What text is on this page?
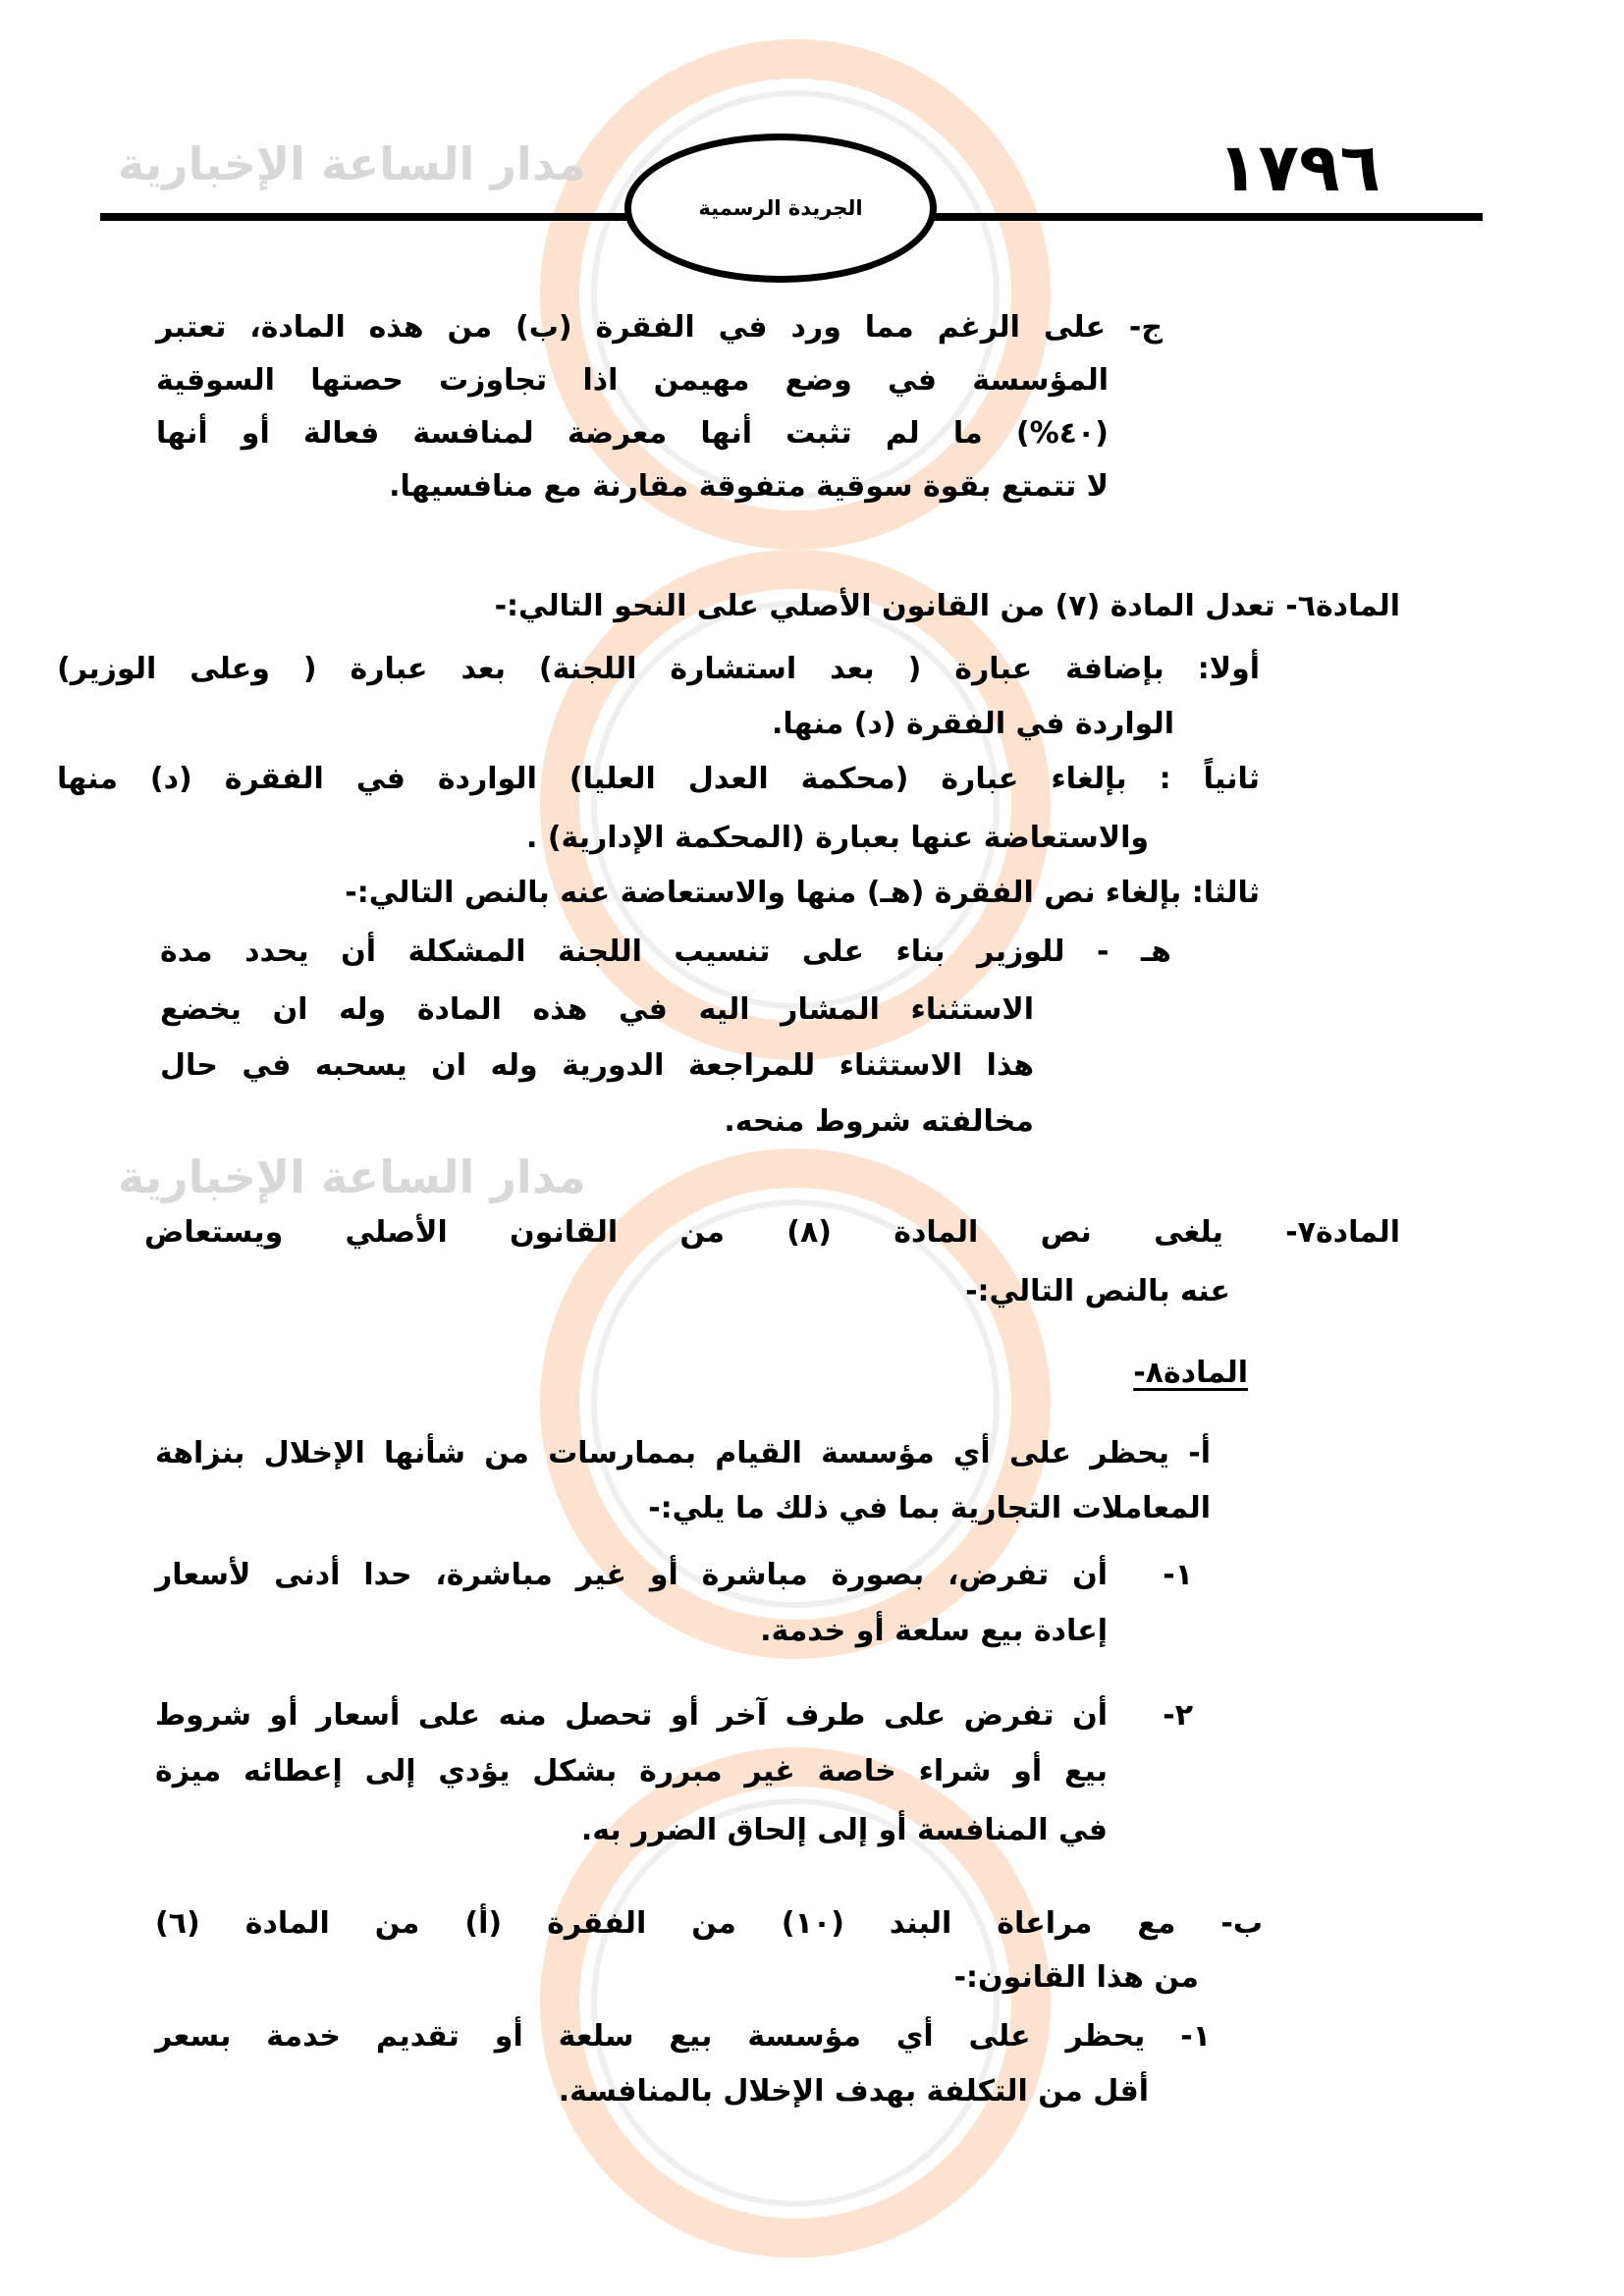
مدار الساعة الإخبارية
مدار الساعة الإخبارية
١٧٩٦
الجريدة الرسمية
ج- على الرغم مما ورد في الفقرة (ب) من هذه المادة، تعتبر
المؤسسة في وضع مهيمن اذا تجاوزت حصتها السوقية
(٤٠%) ما لم تثبت أنها معرضة لمنافسة فعالة أو أنها
لا تتمتع بقوة سوقية متفوقة مقارنة مع منافسيها.
المادة٦- تعدل المادة (٧) من القانون الأصلي على النحو التالي:-
أولا: بإضافة عبارة ( بعد استشارة اللجنة) بعد عبارة ( وعلى الوزير)
الواردة في الفقرة (د) منها.
ثانياً : بإلغاء عبارة (محكمة العدل العليا) الواردة في الفقرة (د) منها
والاستعاضة عنها بعبارة (المحكمة الإدارية) .
ثالثا: بإلغاء نص الفقرة (هـ) منها والاستعاضة عنه بالنص التالي:-
هـ - للوزير بناء على تنسيب اللجنة المشكلة أن يحدد مدة
الاستثناء المشار اليه في هذه المادة وله ان يخضع
هذا الاستثناء للمراجعة الدورية وله ان يسحبه في حال
مخالفته شروط منحه.
المادة٧- يلغى نص المادة (٨) من القانون الأصلي ويستعاض
عنه بالنص التالي:-
المادة٨-
أ- يحظر على أي مؤسسة القيام بممارسات من شأنها الإخلال بنزاهة
المعاملات التجارية بما في ذلك ما يلي:-
١-
أن تفرض، بصورة مباشرة أو غير مباشرة، حدا أدنى لأسعار
إعادة بيع سلعة أو خدمة.
٢-
أن تفرض على طرف آخر أو تحصل منه على أسعار أو شروط
بيع أو شراء خاصة غير مبررة بشكل يؤدي إلى إعطائه ميزة
في المنافسة أو إلى إلحاق الضرر به.
ب- مع مراعاة البند (١٠) من الفقرة (أ) من المادة (٦)
من هذا القانون:-
١- يحظر على أي مؤسسة بيع سلعة أو تقديم خدمة بسعر
أقل من التكلفة بهدف الإخلال بالمنافسة.
